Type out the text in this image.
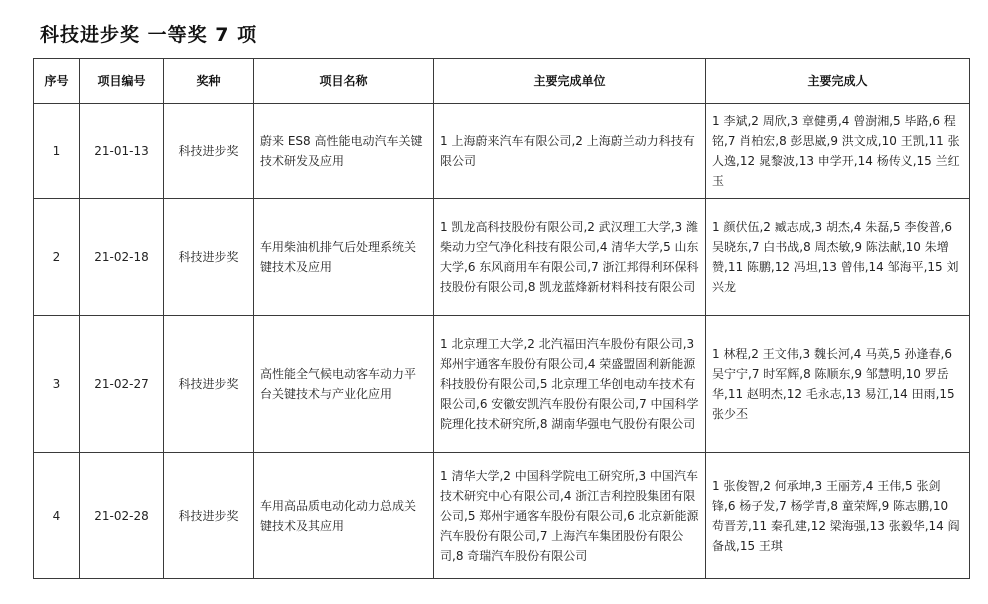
科技进步奖 一等奖 7 项
序号	项目编号	奖种	项目名称	主要完成单位	主要完成人
1	21-01-13	科技进步奖	蔚来 ES8 高性能电动汽车关键技术研发及应用	1 上海蔚来汽车有限公司,2 上海蔚兰动力科技有限公司	1 李斌,2 周欣,3 章健勇,4 曾澍湘,5 毕路,6 程铭,7 肖柏宏,8 彭思崴,9 洪文成,10 王凯,11 张人逸,12 晁黎波,13 申学开,14 杨传义,15 兰红玉
2	21-02-18	科技进步奖	车用柴油机排气后处理系统关键技术及应用	1 凯龙高科技股份有限公司,2 武汉理工大学,3 潍柴动力空气净化科技有限公司,4 清华大学,5 山东大学,6 东风商用车有限公司,7 浙江邦得利环保科技股份有限公司,8 凯龙蓝烽新材料科技有限公司	1 颜伏伍,2 臧志成,3 胡杰,4 朱磊,5 李俊普,6 吴晓东,7 白书战,8 周杰敏,9 陈法献,10 朱增赞,11 陈鹏,12 冯坦,13 曾伟,14 邹海平,15 刘兴龙
3	21-02-27	科技进步奖	高性能全气候电动客车动力平台关键技术与产业化应用	1 北京理工大学,2 北汽福田汽车股份有限公司,3 郑州宇通客车股份有限公司,4 荣盛盟固利新能源科技股份有限公司,5 北京理工华创电动车技术有限公司,6 安徽安凯汽车股份有限公司,7 中国科学院理化技术研究所,8 湖南华强电气股份有限公司	1 林程,2 王文伟,3 魏长河,4 马英,5 孙逢春,6 吴宁宁,7 时军辉,8 陈顺东,9 邹慧明,10 罗岳华,11 赵明杰,12 毛永志,13 易江,14 田雨,15 张少丕
4	21-02-28	科技进步奖	车用高品质电动化动力总成关键技术及其应用	1 清华大学,2 中国科学院电工研究所,3 中国汽车技术研究中心有限公司,4 浙江吉利控股集团有限公司,5 郑州宇通客车股份有限公司,6 北京新能源汽车股份有限公司,7 上海汽车集团股份有限公司,8 奇瑞汽车股份有限公司	1 张俊智,2 何承坤,3 王丽芳,4 王伟,5 张剑锋,6 杨子发,7 杨学青,8 童荣辉,9 陈志鹏,10 苟晋芳,11 秦孔建,12 梁海强,13 张毅华,14 阎备战,15 王琪
